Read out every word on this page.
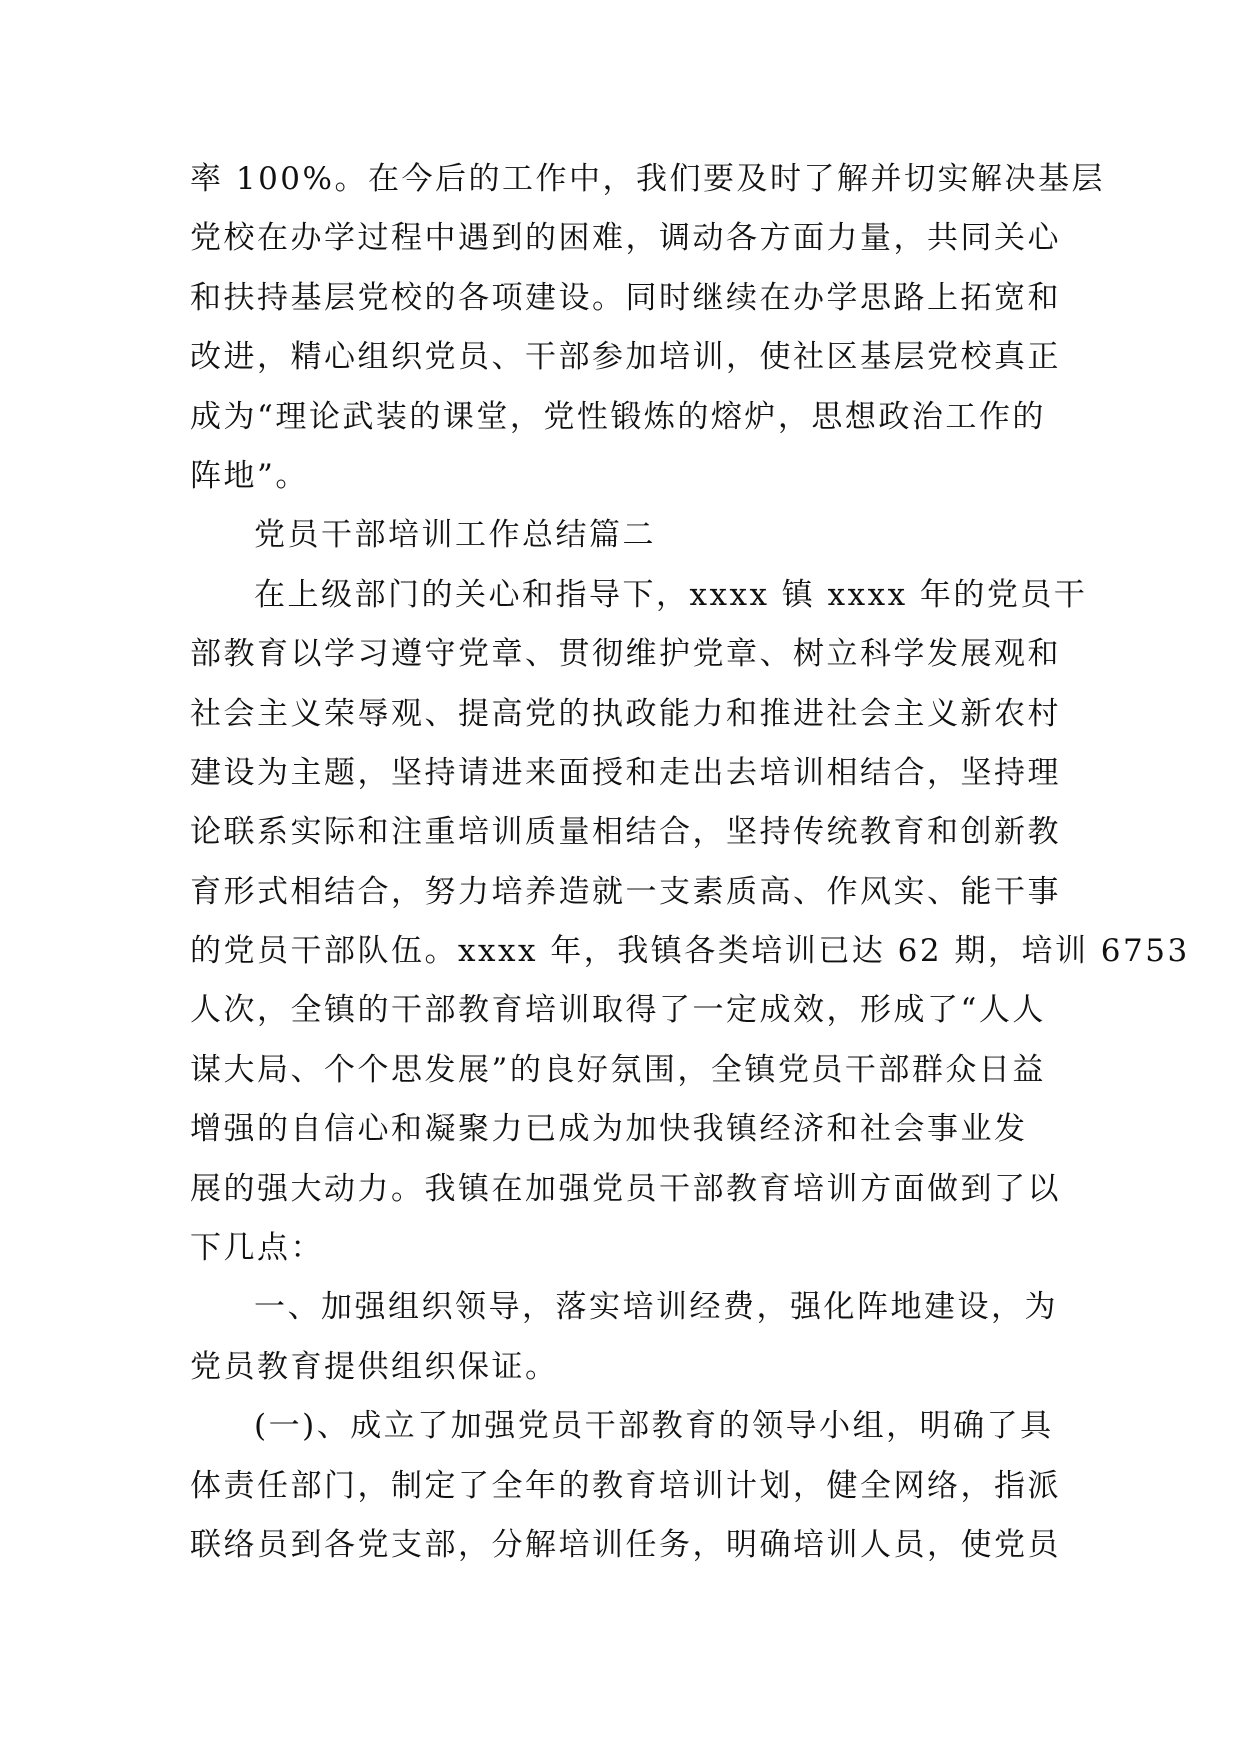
率 100%。在今后的工作中，我们要及时了解并切实解决基层
党校在办学过程中遇到的困难，调动各方面力量，共同关心
和扶持基层党校的各项建设。同时继续在办学思路上拓宽和
改进，精心组织党员、干部参加培训，使社区基层党校真正
成为“理论武装的课堂，党性锻炼的熔炉，思想政治工作的
阵地”。
党员干部培训工作总结篇二
在上级部门的关心和指导下，xxxx 镇 xxxx 年的党员干
部教育以学习遵守党章、贯彻维护党章、树立科学发展观和
社会主义荣辱观、提高党的执政能力和推进社会主义新农村
建设为主题，坚持请进来面授和走出去培训相结合，坚持理
论联系实际和注重培训质量相结合，坚持传统教育和创新教
育形式相结合，努力培养造就一支素质高、作风实、能干事
的党员干部队伍。xxxx 年，我镇各类培训已达 62 期，培训 6753
人次，全镇的干部教育培训取得了一定成效，形成了“人人
谋大局、个个思发展”的良好氛围，全镇党员干部群众日益
增强的自信心和凝聚力已成为加快我镇经济和社会事业发
展的强大动力。我镇在加强党员干部教育培训方面做到了以
下几点：
一、加强组织领导，落实培训经费，强化阵地建设，为
党员教育提供组织保证。
(一)、成立了加强党员干部教育的领导小组，明确了具
体责任部门，制定了全年的教育培训计划，健全网络，指派
联络员到各党支部，分解培训任务，明确培训人员，使党员
